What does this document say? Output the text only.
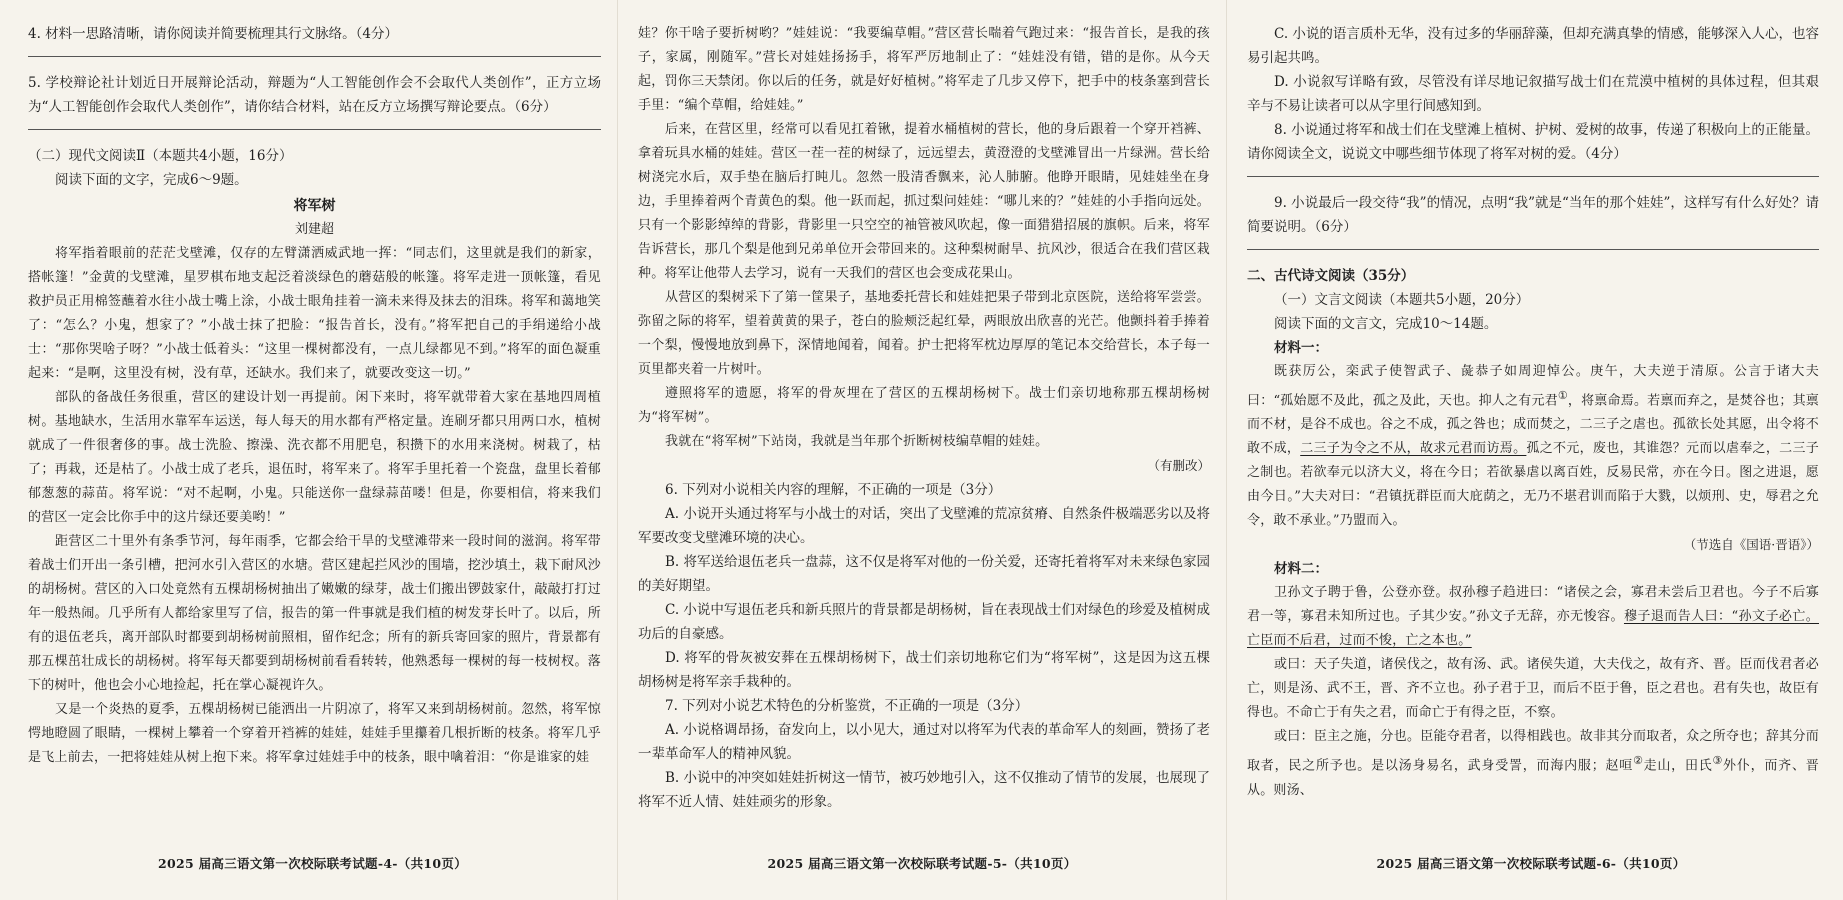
4. 材料一思路清晰，请你阅读并简要梳理其行文脉络。（4分）

5. 学校辩论社计划近日开展辩论活动，辩题为“人工智能创作会不会取代人类创作”，正方立场为“人工智能创作会取代人类创作”，请你结合材料，站在反方立场撰写辩论要点。（6分）

（二）现代文阅读Ⅱ（本题共4小题，16分）

阅读下面的文字，完成6～9题。

将军树

刘建超

将军指着眼前的茫茫戈壁滩，仅存的左臂潇洒威武地一挥：“同志们，这里就是我们的新家，搭帐篷！”金黄的戈壁滩，星罗棋布地支起泛着淡绿色的蘑菇般的帐篷。将军走进一顶帐篷，看见救护员正用棉签蘸着水往小战士嘴上涂，小战士眼角挂着一滴未来得及抹去的泪珠。将军和蔼地笑了：“怎么？小鬼，想家了？”小战士抹了把脸：“报告首长，没有。”将军把自己的手绢递给小战士：“那你哭啥子呀？”小战士低着头：“这里一棵树都没有，一点儿绿都见不到。”将军的面色凝重起来：“是啊，这里没有树，没有草，还缺水。我们来了，就要改变这一切。”

部队的备战任务很重，营区的建设计划一再提前。闲下来时，将军就带着大家在基地四周植树。基地缺水，生活用水靠军车运送，每人每天的用水都有严格定量。连刷牙都只用两口水，植树就成了一件很奢侈的事。战士洗脸、擦澡、洗衣都不用肥皂，积攒下的水用来浇树。树栽了，枯了；再栽，还是枯了。小战士成了老兵，退伍时，将军来了。将军手里托着一个瓷盘，盘里长着郁郁葱葱的蒜苗。将军说：“对不起啊，小鬼。只能送你一盘绿蒜苗喽！但是，你要相信，将来我们的营区一定会比你手中的这片绿还要美哟！”

距营区二十里外有条季节河，每年雨季，它都会给干旱的戈壁滩带来一段时间的滋润。将军带着战士们开出一条引槽，把河水引入营区的水塘。营区建起拦风沙的围墙，挖沙填土，栽下耐风沙的胡杨树。营区的入口处竟然有五棵胡杨树抽出了嫩嫩的绿芽，战士们搬出锣鼓家什，敲敲打打过年一般热闹。几乎所有人都给家里写了信，报告的第一件事就是我们植的树发芽长叶了。以后，所有的退伍老兵，离开部队时都要到胡杨树前照相，留作纪念；所有的新兵寄回家的照片，背景都有那五棵茁壮成长的胡杨树。将军每天都要到胡杨树前看看转转，他熟悉每一棵树的每一枝树杈。落下的树叶，他也会小心地捡起，托在掌心凝视许久。

又是一个炎热的夏季，五棵胡杨树已能洒出一片阴凉了，将军又来到胡杨树前。忽然，将军惊愕地瞪圆了眼睛，一棵树上攀着一个穿着开裆裤的娃娃，娃娃手里攥着几根折断的枝条。将军几乎是飞上前去，一把将娃娃从树上抱下来。将军拿过娃娃手中的枝条，眼中噙着泪：“你是谁家的娃

2025 届高三语文第一次校际联考试题-4-（共10页）

娃？你干啥子要折树哟？”娃娃说：“我要编草帽。”营区营长喘着气跑过来：“报告首长，是我的孩子，家属，刚随军。”营长对娃娃扬扬手，将军严厉地制止了：“娃娃没有错，错的是你。从今天起，罚你三天禁闭。你以后的任务，就是好好植树。”将军走了几步又停下，把手中的枝条塞到营长手里：“编个草帽，给娃娃。”

后来，在营区里，经常可以看见扛着锹，提着水桶植树的营长，他的身后跟着一个穿开裆裤、拿着玩具水桶的娃娃。营区一茬一茬的树绿了，远远望去，黄澄澄的戈壁滩冒出一片绿洲。营长给树浇完水后，双手垫在脑后打盹儿。忽然一股清香飘来，沁人肺腑。他睁开眼睛，见娃娃坐在身边，手里捧着两个青黄色的梨。他一跃而起，抓过梨问娃娃：“哪儿来的？”娃娃的小手指向远处。只有一个影影绰绰的背影，背影里一只空空的袖管被风吹起，像一面猎猎招展的旗帜。后来，将军告诉营长，那几个梨是他到兄弟单位开会带回来的。这种梨树耐旱、抗风沙，很适合在我们营区栽种。将军让他带人去学习，说有一天我们的营区也会变成花果山。

从营区的梨树采下了第一筐果子，基地委托营长和娃娃把果子带到北京医院，送给将军尝尝。弥留之际的将军，望着黄黄的果子，苍白的脸颊泛起红晕，两眼放出欣喜的光芒。他颤抖着手捧着一个梨，慢慢地放到鼻下，深情地闻着，闻着。护士把将军枕边厚厚的笔记本交给营长，本子每一页里都夹着一片树叶。

遵照将军的遗愿，将军的骨灰埋在了营区的五棵胡杨树下。战士们亲切地称那五棵胡杨树为“将军树”。

我就在“将军树”下站岗，我就是当年那个折断树枝编草帽的娃娃。

（有删改）

6. 下列对小说相关内容的理解，不正确的一项是（3分）

A. 小说开头通过将军与小战士的对话，突出了戈壁滩的荒凉贫瘠、自然条件极端恶劣以及将军要改变戈壁滩环境的决心。

B. 将军送给退伍老兵一盘蒜，这不仅是将军对他的一份关爱，还寄托着将军对未来绿色家园的美好期望。

C. 小说中写退伍老兵和新兵照片的背景都是胡杨树，旨在表现战士们对绿色的珍爱及植树成功后的自豪感。

D. 将军的骨灰被安葬在五棵胡杨树下，战士们亲切地称它们为“将军树”，这是因为这五棵胡杨树是将军亲手栽种的。

7. 下列对小说艺术特色的分析鉴赏，不正确的一项是（3分）

A. 小说格调昂扬，奋发向上，以小见大，通过对以将军为代表的革命军人的刻画，赞扬了老一辈革命军人的精神风貌。

B. 小说中的冲突如娃娃折树这一情节，被巧妙地引入，这不仅推动了情节的发展，也展现了将军不近人情、娃娃顽劣的形象。

2025 届高三语文第一次校际联考试题-5-（共10页）

C. 小说的语言质朴无华，没有过多的华丽辞藻，但却充满真挚的情感，能够深入人心，也容易引起共鸣。

D. 小说叙写详略有致，尽管没有详尽地记叙描写战士们在荒漠中植树的具体过程，但其艰辛与不易让读者可以从字里行间感知到。

8. 小说通过将军和战士们在戈壁滩上植树、护树、爱树的故事，传递了积极向上的正能量。请你阅读全文，说说文中哪些细节体现了将军对树的爱。（4分）

9. 小说最后一段交待“我”的情况，点明“我”就是“当年的那个娃娃”，这样写有什么好处？请简要说明。（6分）

二、古代诗文阅读（35分）

（一）文言文阅读（本题共5小题，20分）

阅读下面的文言文，完成10～14题。

材料一：

既获厉公，栾武子使智武子、彘恭子如周迎悼公。庚午，大夫逆于清原。公言于诸大夫曰：“孤始愿不及此，孤之及此，天也。抑人之有元君①，将禀命焉。若禀而弃之，是焚谷也；其禀而不材，是谷不成也。谷之不成，孤之咎也；成而焚之，二三子之虐也。孤欲长处其愿，出令将不敢不成，二三子为令之不从，故求元君而访焉。孤之不元，废也，其谁怨？元而以虐奉之，二三子之制也。若欲奉元以济大义，将在今日；若欲暴虐以离百姓，反易民常，亦在今日。图之进退，愿由今日。”大夫对曰：“君镇抚群臣而大庇荫之，无乃不堪君训而陷于大戮，以烦刑、史，辱君之允令，敢不承业。”乃盟而入。

（节选自《国语·晋语》）

材料二：

卫孙文子聘于鲁，公登亦登。叔孙穆子趋进曰：“诸侯之会，寡君未尝后卫君也。今子不后寡君一等，寡君未知所过也。子其少安。”孙文子无辞，亦无悛容。穆子退而告人曰：“孙文子必亡。亡臣而不后君，过而不悛，亡之本也。”

或曰：天子失道，诸侯伐之，故有汤、武。诸侯失道，大夫伐之，故有齐、晋。臣而伐君者必亡，则是汤、武不王，晋、齐不立也。孙子君于卫，而后不臣于鲁，臣之君也。君有失也，故臣有得也。不命亡于有失之君，而命亡于有得之臣，不察。

或曰：臣主之施，分也。臣能夺君者，以得相践也。故非其分而取者，众之所夺也；辞其分而取者，民之所予也。是以汤身易名，武身受詈，而海内服；赵咺②走山，田氏③外仆，而齐、晋从。则汤、

2025 届高三语文第一次校际联考试题-6-（共10页）
